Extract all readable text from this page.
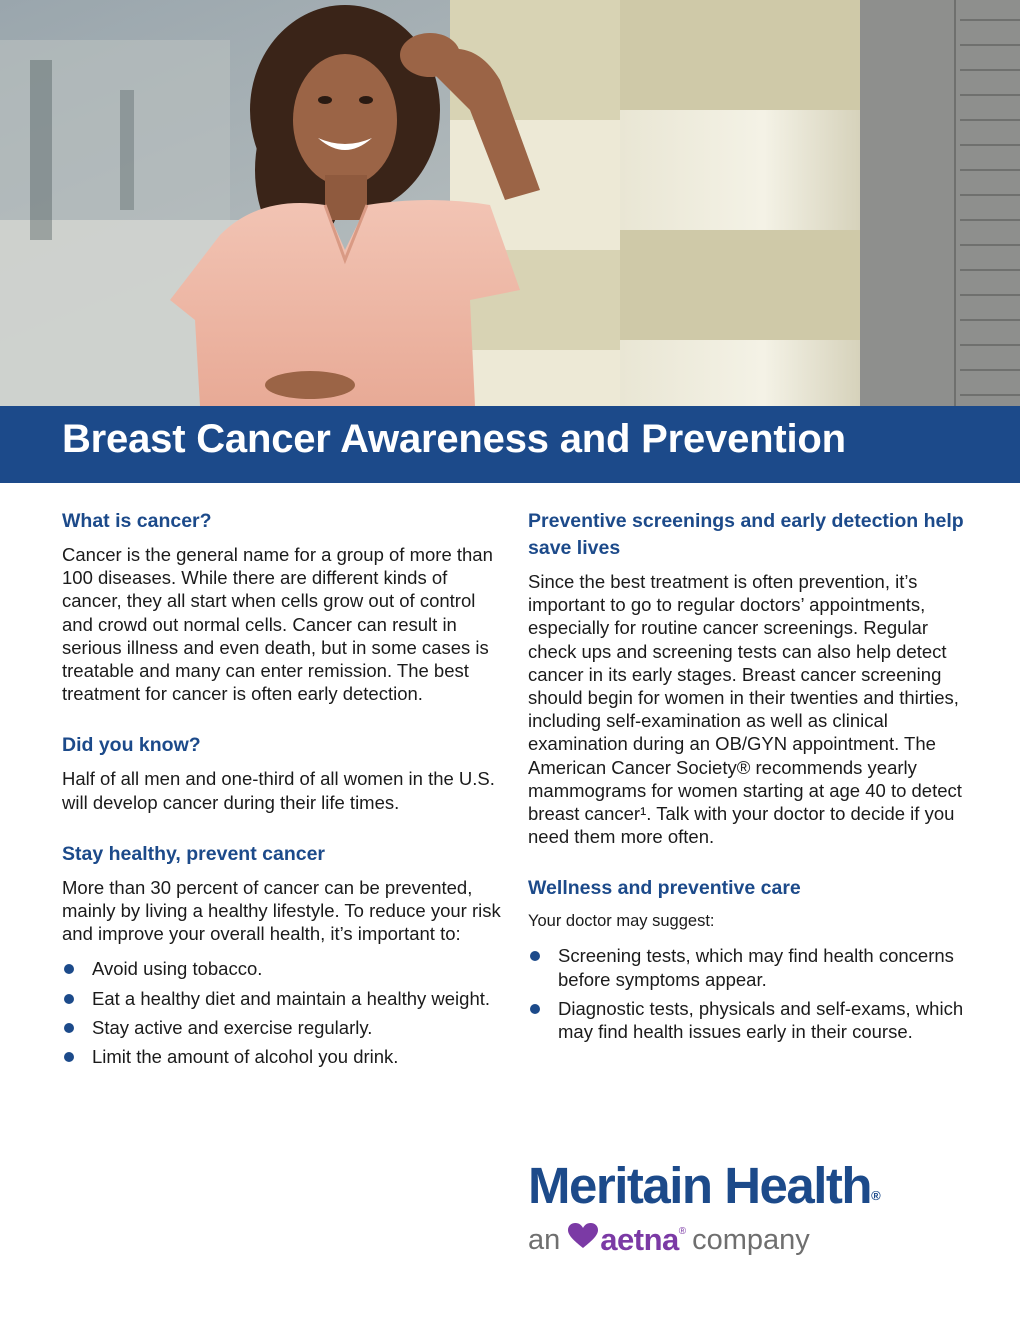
Breast Cancer Awareness and Prevention
What is cancer?

Cancer is the general name for a group of more than 100 diseases. While there are different kinds of cancer, they all start when cells grow out of control and crowd out normal cells. Cancer can result in serious illness and even death, but in some cases is treatable and many can enter remission. The best treatment for cancer is often early detection.

Did you know?

Half of all men and one-third of all women in the U.S. will develop cancer during their life times.

Stay healthy, prevent cancer

More than 30 percent of cancer can be prevented, mainly by living a healthy lifestyle. To reduce your risk and improve your overall health, it’s important to:

Avoid using tobacco.
Eat a healthy diet and maintain a healthy weight.
Stay active and exercise regularly.
Limit the amount of alcohol you drink.
Preventive screenings and early detection help save lives

Since the best treatment is often prevention, it’s important to go to regular doctors’ appointments, especially for routine cancer screenings. Regular check ups and screening tests can also help detect cancer in its early stages. Breast cancer screening should begin for women in their twenties and thirties, including self-examination as well as clinical examination during an OB/GYN appointment. The American Cancer Society® recommends yearly mammograms for women starting at age 40 to detect breast cancer¹. Talk with your doctor to decide if you need them more often.

Wellness and preventive care

Your doctor may suggest:

Screening tests, which may find health concerns before symptoms appear.
Diagnostic tests, physicals and self-exams, which may find health issues early in their course.
Meritain Health®
an aetna ® company
